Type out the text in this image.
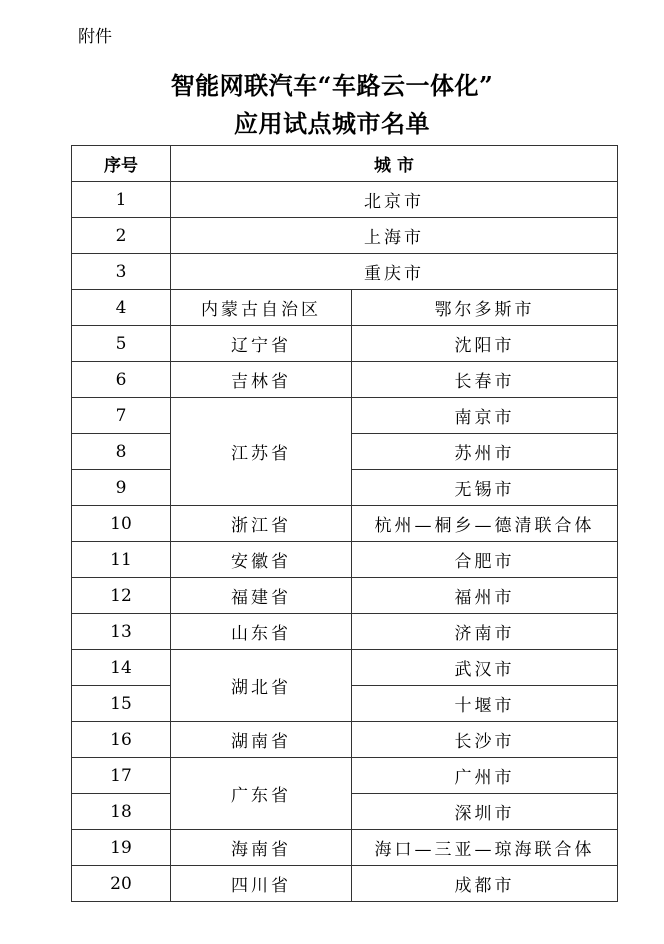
附件
智能网联汽车“车路云一体化”
应用试点城市名单
序号	城 市	
1	北京市	
2	上海市	
3	重庆市	
4	内蒙古自治区	鄂尔多斯市
5	辽宁省	沈阳市
6	吉林省	长春市
7	江苏省	南京市
8		苏州市
9		无锡市
10	浙江省	杭州—桐乡—德清联合体
11	安徽省	合肥市
12	福建省	福州市
13	山东省	济南市
14	湖北省	武汉市
15		十堰市
16	湖南省	长沙市
17	广东省	广州市
18		深圳市
19	海南省	海口—三亚—琼海联合体
20	四川省	成都市
